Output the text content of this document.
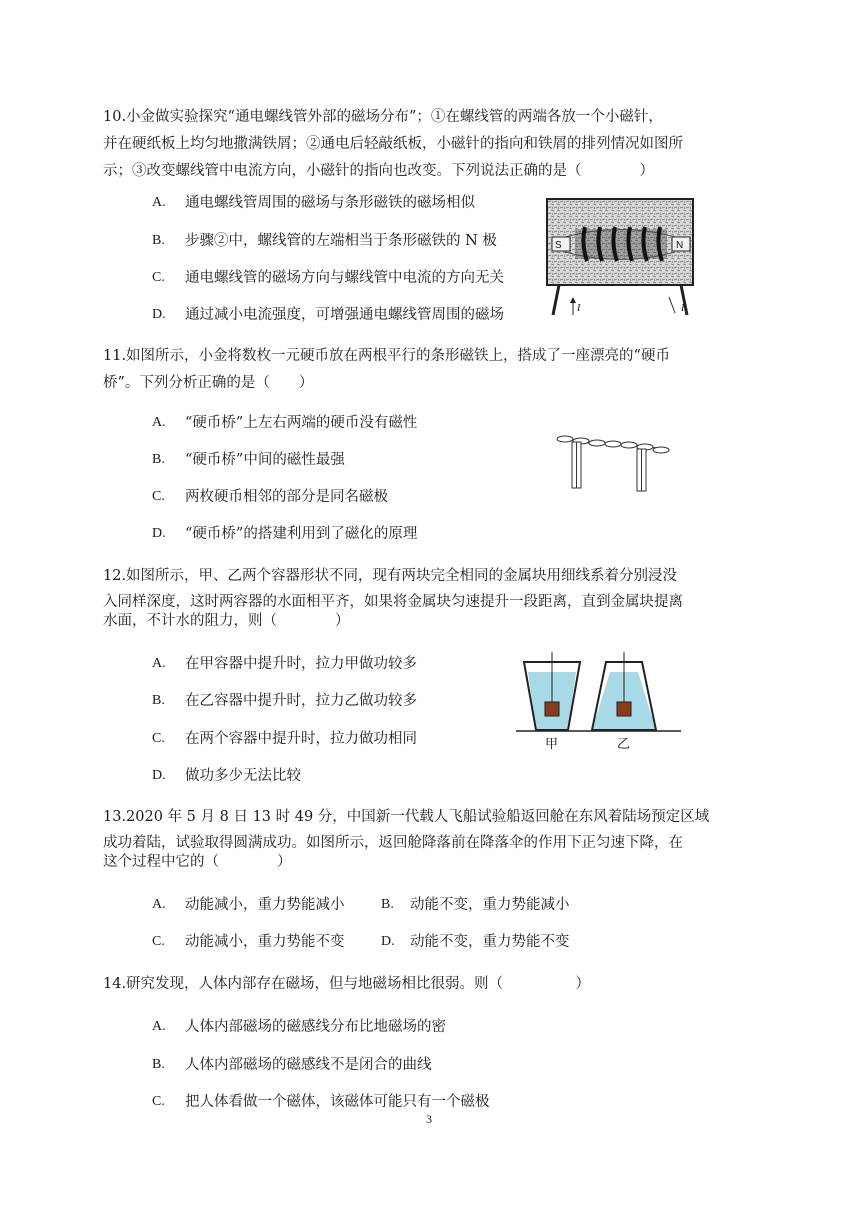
10.小金做实验探究“通电螺线管外部的磁场分布”；①在螺线管的两端各放一个小磁针，
并在硬纸板上均匀地撒满铁屑；②通电后轻敲纸板，小磁针的指向和铁屑的排列情况如图所
示；③改变螺线管中电流方向，小磁针的指向也改变。下列说法正确的是（　　　　）
A. 通电螺线管周围的磁场与条形磁铁的磁场相似
B. 步骤②中，螺线管的左端相当于条形磁铁的 N 极
C. 通电螺线管的磁场方向与螺线管中电流的方向无关
D. 通过减小电流强度，可增强通电螺线管周围的磁场
S	N
I	I
11.如图所示，小金将数枚一元硬币放在两根平行的条形磁铁上，搭成了一座漂亮的“硬币
桥”。下列分析正确的是（　　）
A. “硬币桥”上左右两端的硬币没有磁性
B. “硬币桥”中间的磁性最强
C. 两枚硬币相邻的部分是同名磁极
D. “硬币桥”的搭建利用到了磁化的原理
12.如图所示，甲、乙两个容器形状不同，现有两块完全相同的金属块用细线系着分别浸没
入同样深度，这时两容器的水面相平齐，如果将金属块匀速提升一段距离，直到金属块提离
水面，不计水的阻力，则（　　　　）
A. 在甲容器中提升时，拉力甲做功较多
B. 在乙容器中提升时，拉力乙做功较多
C. 在两个容器中提升时，拉力做功相同
D. 做功多少无法比较
甲	乙
13.2020 年 5 月 8 日 13 时 49 分，中国新一代载人飞船试验船返回舱在东风着陆场预定区域
成功着陆，试验取得圆满成功。如图所示，返回舱降落前在降落伞的作用下正匀速下降，在
这个过程中它的（　　　　）
A. 动能减小，重力势能减小	B. 动能不变，重力势能减小
C. 动能减小，重力势能不变	D. 动能不变，重力势能不变
14.研究发现，人体内部存在磁场，但与地磁场相比很弱。则（　　　　　）
A. 人体内部磁场的磁感线分布比地磁场的密
B. 人体内部磁场的磁感线不是闭合的曲线
C. 把人体看做一个磁体，该磁体可能只有一个磁极
3
